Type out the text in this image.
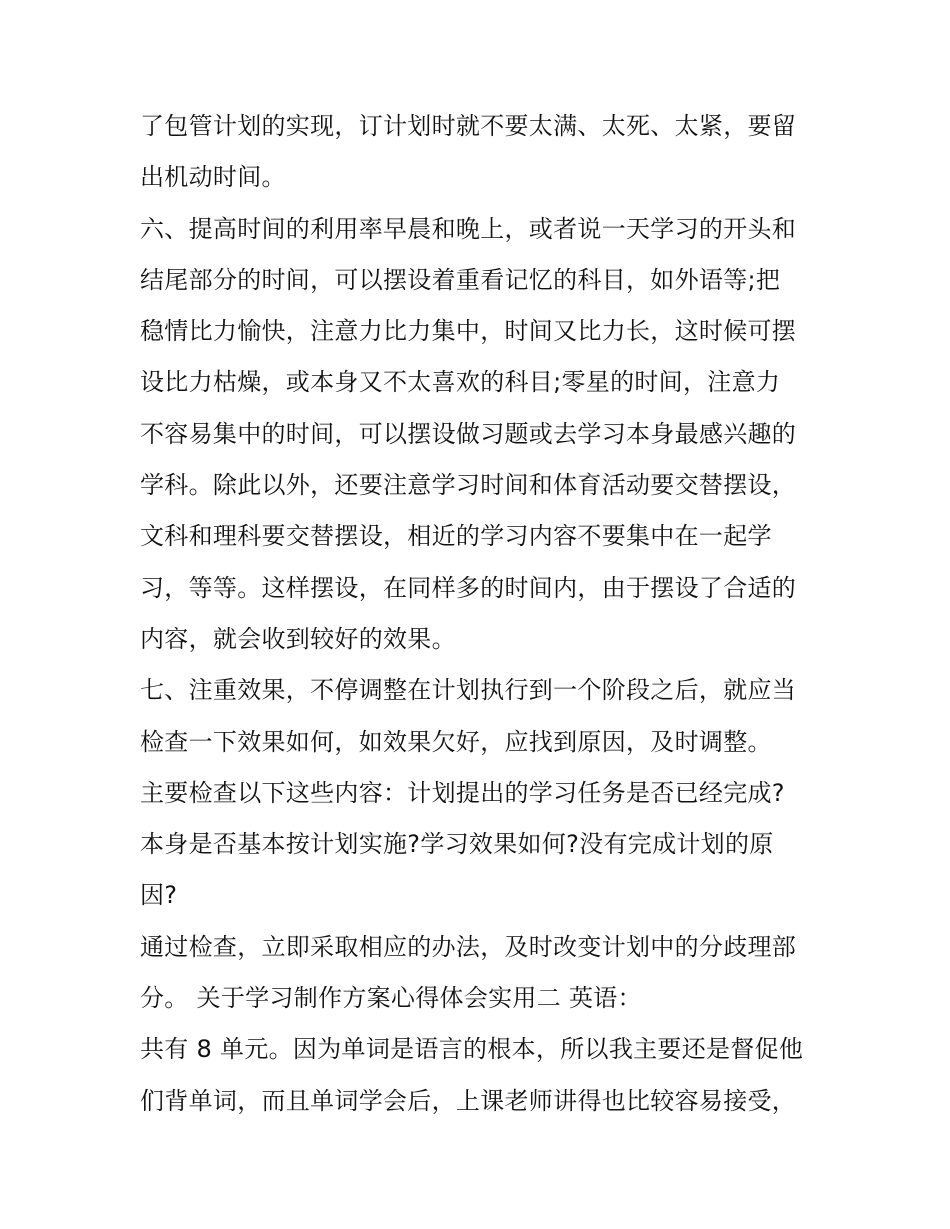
了包管计划的实现，订计划时就不要太满、太死、太紧，要留
出机动时间。
六、提高时间的利用率早晨和晚上，或者说一天学习的开头和
结尾部分的时间，可以摆设着重看记忆的科目，如外语等;把
稳情比力愉快，注意力比力集中，时间又比力长，这时候可摆
设比力枯燥，或本身又不太喜欢的科目;零星的时间，注意力
不容易集中的时间，可以摆设做习题或去学习本身最感兴趣的
学科。除此以外，还要注意学习时间和体育活动要交替摆设，
文科和理科要交替摆设，相近的学习内容不要集中在一起学
习，等等。这样摆设，在同样多的时间内，由于摆设了合适的
内容，就会收到较好的效果。
七、注重效果，不停调整在计划执行到一个阶段之后，就应当
检查一下效果如何，如效果欠好，应找到原因，及时调整。
主要检查以下这些内容：计划提出的学习任务是否已经完成?
本身是否基本按计划实施?学习效果如何?没有完成计划的原
因?
通过检查，立即采取相应的办法，及时改变计划中的分歧理部
分。 关于学习制作方案心得体会实用二 英语：
共有 8 单元。因为单词是语言的根本，所以我主要还是督促他
们背单词，而且单词学会后，上课老师讲得也比较容易接受，
